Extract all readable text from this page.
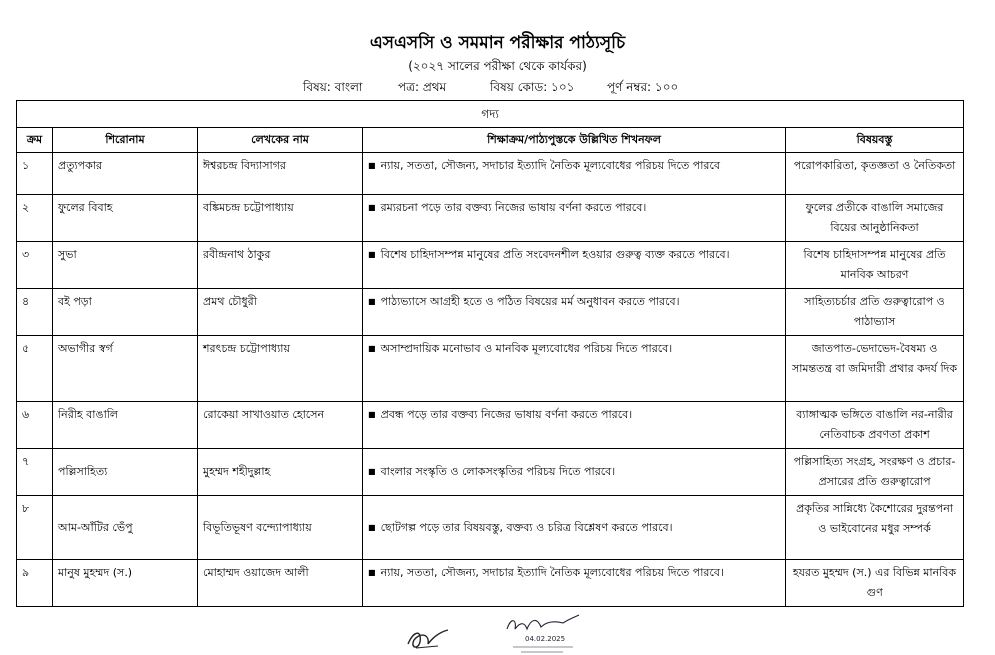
এসএসসি ও সমমান পরীক্ষার পাঠ্যসূচি
(২০২৭ সালের পরীক্ষা থেকে কার্যকর)
বিষয়: বাংলা	পত্র: প্রথম	বিষয় কোড: ১০১	পূর্ণ নম্বর: ১০০
গদ্য				
ক্রম	শিরোনাম	লেখকের নাম	শিক্ষাক্রম/পাঠ্যপুস্তকে উল্লিখিত শিখনফল	বিষয়বস্তু
১	প্রত্যুপকার	ঈশ্বরচন্দ্র বিদ্যাসাগর	■ ন্যায়, সততা, সৌজন্য, সদাচার ইত্যাদি নৈতিক মূল্যবোধের পরিচয় দিতে পারবে	পরোপকারিতা, কৃতজ্ঞতা ও নৈতিকতা
২	ফুলের বিবাহ	বঙ্কিমচন্দ্র চট্টোপাধ্যায়	■ রম্যরচনা পড়ে তার বক্তব্য নিজের ভাষায় বর্ণনা করতে পারবে।	ফুলের প্রতীকে বাঙালি সমাজের বিয়ের আনুষ্ঠানিকতা
৩	সুভা	রবীন্দ্রনাথ ঠাকুর	■ বিশেষ চাহিদাসম্পন্ন মানুষের প্রতি সংবেদনশীল হওয়ার গুরুত্ব ব্যক্ত করতে পারবে।	বিশেষ চাহিদাসম্পন্ন মানুষের প্রতি মানবিক আচরণ
৪	বই পড়া	প্রমথ চৌধুরী	■ পাঠ্যভ্যাসে আগ্রহী হতে ও পঠিত বিষয়ের মর্ম অনুধাবন করতে পারবে।	সাহিত্যচর্চার প্রতি গুরুত্বারোপ ও পাঠাভ্যাস
৫	অভাগীর স্বর্গ	শরৎচন্দ্র চট্টোপাধ্যায়	■ অসাম্প্রদায়িক মনোভাব ও মানবিক মূল্যবোধের পরিচয় দিতে পারবে।	জাতপাত-ভেদাভেদ-বৈষম্য ও সামন্ততন্ত্র বা জমিদারী প্রথার কদর্য দিক
৬	নিরীহ বাঙালি	রোকেয়া সাখাওয়াত হোসেন	■ প্রবন্ধ পড়ে তার বক্তব্য নিজের ভাষায় বর্ণনা করতে পারবে।	ব্যাঙ্গাত্মক ভঙ্গিতে বাঙালি নর-নারীর নেতিবাচক প্রবণতা প্রকাশ
৭	পল্লিসাহিত্য	মুহম্মদ শহীদুল্লাহ	■ বাংলার সংস্কৃতি ও লোকসংস্কৃতির পরিচয় দিতে পারবে।	পল্লিসাহিত্য সংগ্রহ, সংরক্ষণ ও প্রচার-প্রসারের প্রতি গুরুত্বারোপ
৮	আম-আঁটির ভেঁপু	বিভূতিভূষণ বন্দ্যোপাধ্যায়	■ ছোটগল্প পড়ে তার বিষয়বস্তু, বক্তব্য ও চরিত্র বিশ্লেষণ করতে পারবে।	প্রকৃতির সান্নিধ্যে কৈশোরের দুরন্তপনা ও ভাইবোনের মধুর সম্পর্ক
৯	মানুষ মুহম্মদ (স.)	মোহাম্মদ ওয়াজেদ আলী	■ ন্যায়, সততা, সৌজন্য, সদাচার ইত্যাদি নৈতিক মূল্যবোধের পরিচয় দিতে পারবে।	হযরত মুহম্মদ (স.) এর বিভিন্ন মানবিক গুণ
04.02.2025
